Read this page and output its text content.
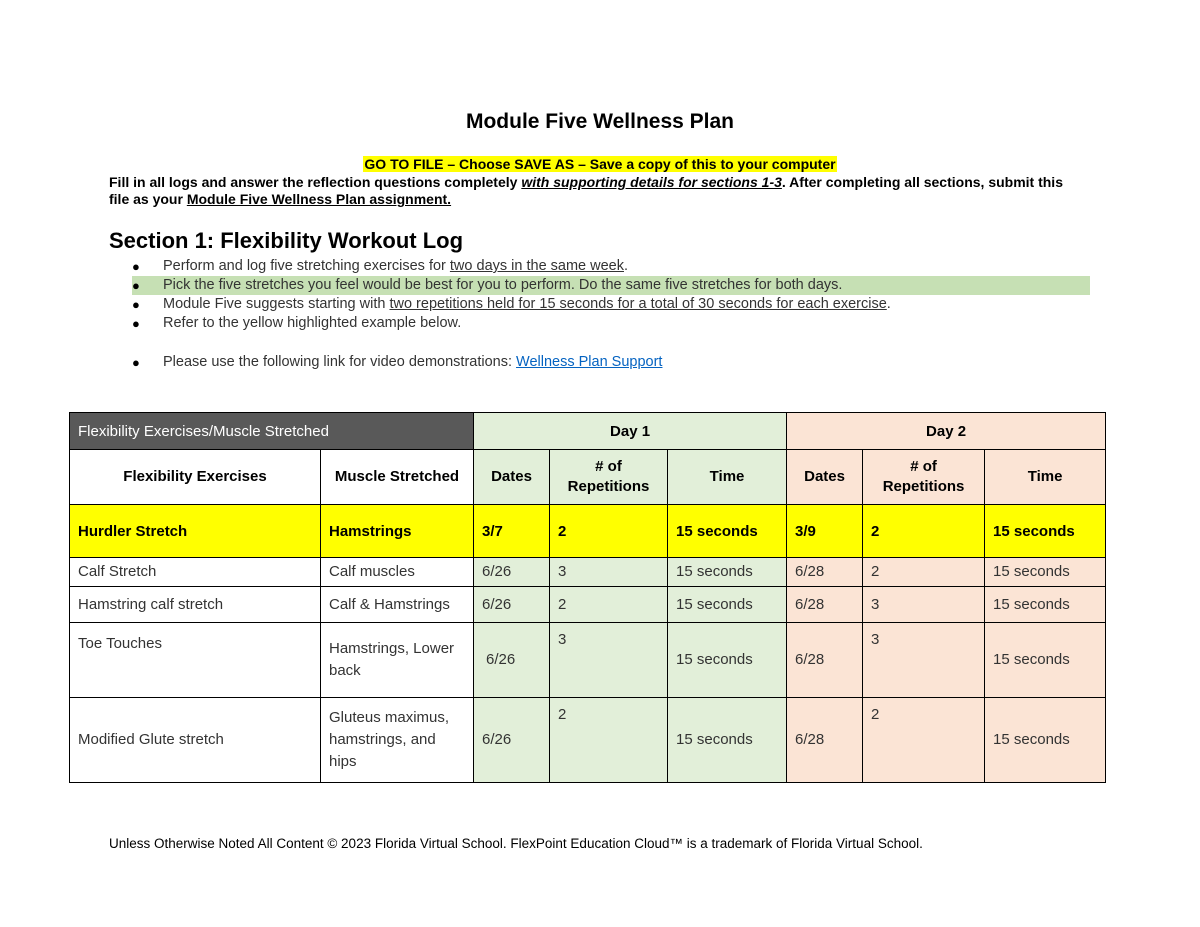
Module Five Wellness Plan
GO TO FILE – Choose SAVE AS – Save a copy of this to your computer
Fill in all logs and answer the reflection questions completely with supporting details for sections 1-3. After completing all sections, submit this file as your Module Five Wellness Plan assignment.
Section 1: Flexibility Workout Log
● Perform and log five stretching exercises for two days in the same week.
● Pick the five stretches you feel would be best for you to perform. Do the same five stretches for both days.
● Module Five suggests starting with two repetitions held for 15 seconds for a total of 30 seconds for each exercise.
● Refer to the yellow highlighted example below.
● Please use the following link for video demonstrations: Wellness Plan Support
Flexibility Exercises/Muscle Stretched		Day 1			Day 2		
Flexibility Exercises	Muscle Stretched	Dates	# of Repetitions	Time	Dates	# of Repetitions	Time
Hurdler Stretch	Hamstrings	3/7	2	15 seconds	3/9	2	15 seconds
Calf Stretch	Calf muscles	6/26	3	15 seconds	6/28	2	15 seconds
Hamstring calf stretch	Calf & Hamstrings	6/26	2	15 seconds	6/28	3	15 seconds
Toe Touches	Hamstrings, Lower back	6/26	3	15 seconds	6/28	3	15 seconds
Modified Glute stretch	Gluteus maximus, hamstrings, and hips	6/26	2	15 seconds	6/28	2	15 seconds
Unless Otherwise Noted All Content © 2023 Florida Virtual School. FlexPoint Education Cloud™ is a trademark of Florida Virtual School.
